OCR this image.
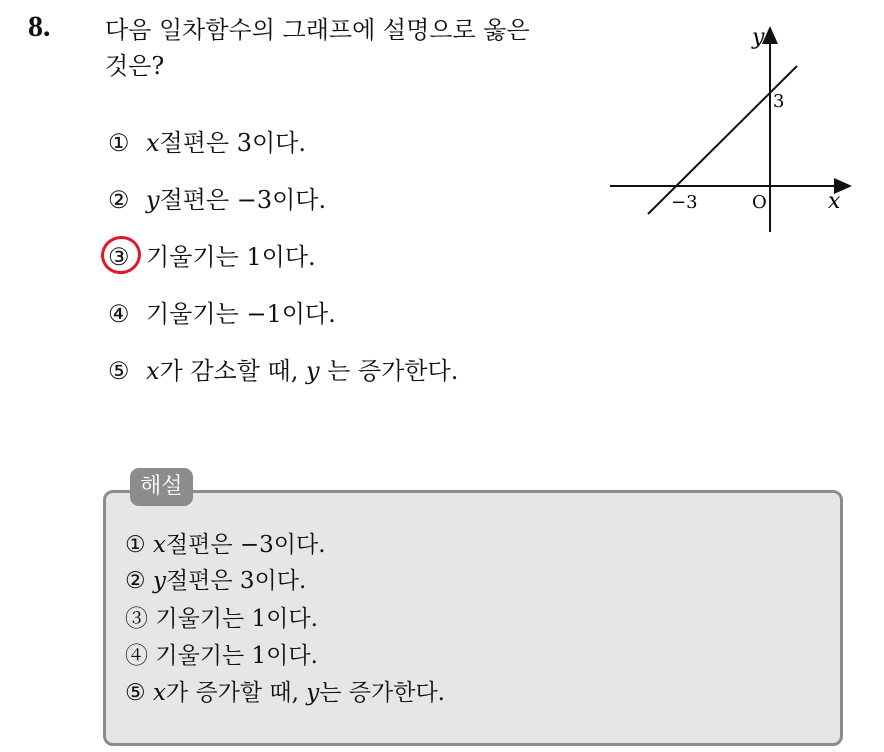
8. 다음 일차함수의 그래프에 설명으로 옳은
것은?
① x절편은 3이다.
② y절편은 −3이다.
③ 기울기는 1이다.
④ 기울기는 −1이다.
⑤ x가 감소할 때, y 는 증가한다.
y
x
O
3
−3
해설
① x절편은 −3이다.
② y절편은 3이다.
③ 기울기는 1이다.
④ 기울기는 1이다.
⑤ x가 증가할 때, y는 증가한다.
